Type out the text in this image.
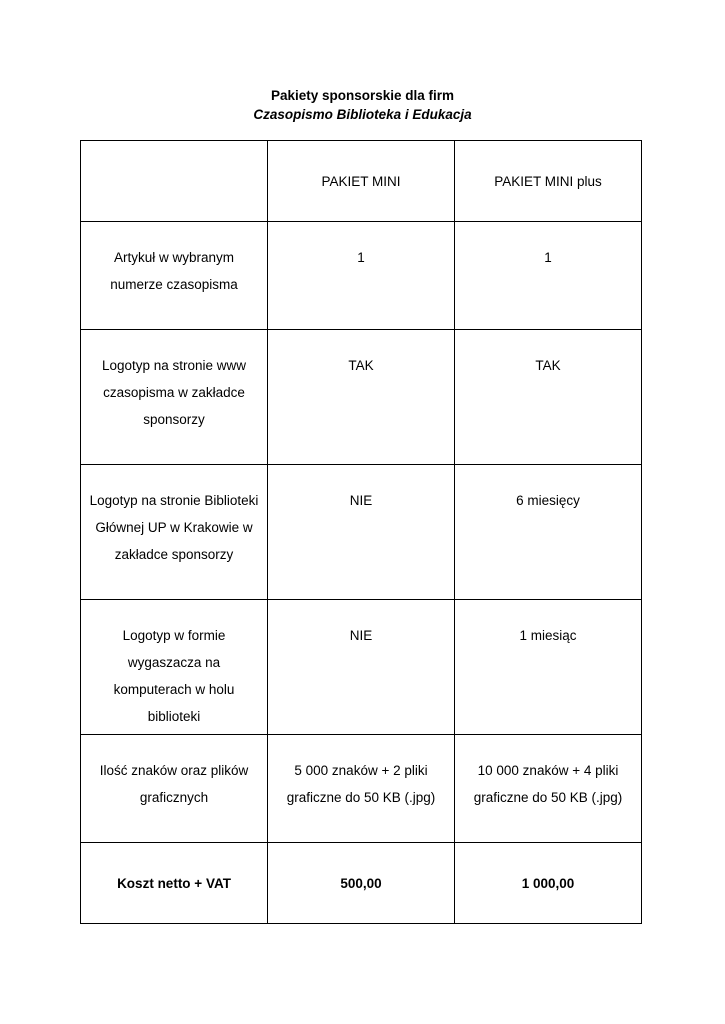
Pakiety sponsorskie dla firm
Czasopismo Biblioteka i Edukacja
	PAKIET MINI	PAKIET MINI plus

Artykuł w wybranym numerze czasopisma	1	1

Logotyp na stronie www czasopisma w zakładce sponsorzy	TAK	TAK

Logotyp na stronie Biblioteki Głównej UP w Krakowie w zakładce sponsorzy	NIE	6 miesięcy

Logotyp w formie wygaszacza na komputerach w holu biblioteki	NIE	1 miesiąc

Ilość znaków oraz plików graficznych	5 000 znaków + 2 pliki graficzne do 50 KB (.jpg)	10 000 znaków + 4 pliki graficzne do 50 KB (.jpg)

Koszt netto + VAT	500,00	1 000,00
